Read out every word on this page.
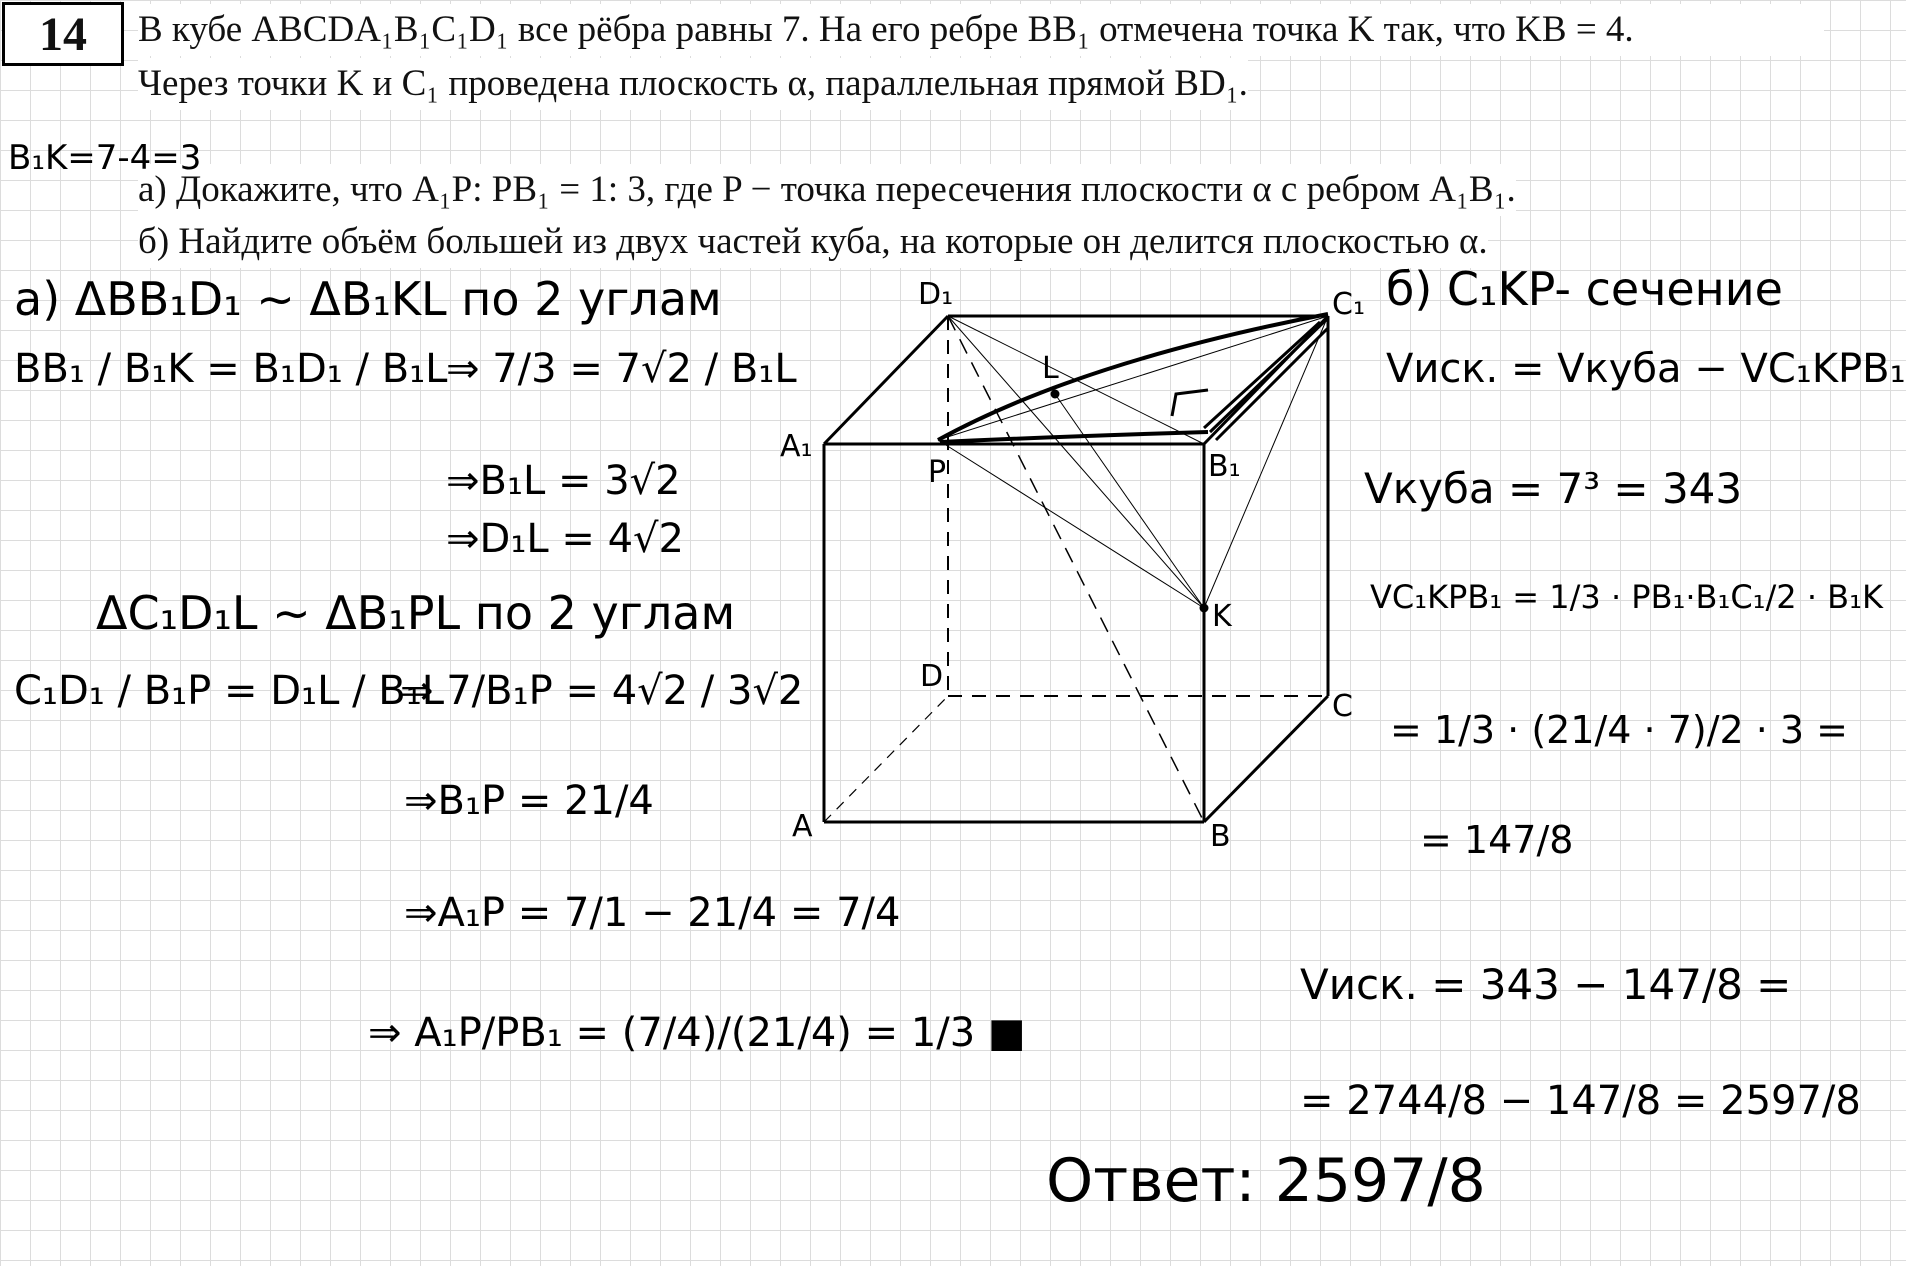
14	В кубе ABCDA₁B₁C₁D₁ все рёбра равны 7. На его ребре BB₁ отмечена точка K так, что KB = 4.
Через точки K и C₁ проведена плоскость α, параллельная прямой BD₁.
а) Докажите, что A₁P: PB₁ = 1: 3, где P − точка пересечения плоскости α с ребром A₁B₁.
б) Найдите объём большей из двух частей куба, на которые он делится плоскостью α.
B₁K=7-4=3
а) ΔBB₁D₁ ~ ΔB₁KL по 2 углам
BB₁ / B₁K = B₁D₁ / B₁L
⇒ 7/3 = 7√2 / B₁L
⇒B₁L = 3√2
⇒D₁L = 4√2
ΔC₁D₁L ~ ΔB₁PL по 2 углам
C₁D₁ / B₁P = D₁L / B₁L
⇒ 7/B₁P = 4√2 / 3√2
⇒B₁P = 21/4
⇒A₁P = 7/1 − 21/4 = 7/4
⇒ A₁P/PB₁ = (7/4)/(21/4) = 1/3 ■
б) C₁KP- сечение
Vиск. = Vкуба − VC₁KPB₁
Vкуба = 7³ = 343
VC₁KPB₁ = 1/3 · PB₁·B₁C₁/2 · B₁K
= 1/3 · (21/4 · 7)/2 · 3 =
= 147/8
Vиск. = 343 − 147/8 =
= 2744/8 − 147/8 = 2597/8
Ответ: 2597/8
D₁	C₁
A₁
B₁
P
L
K
D
C
A	B
